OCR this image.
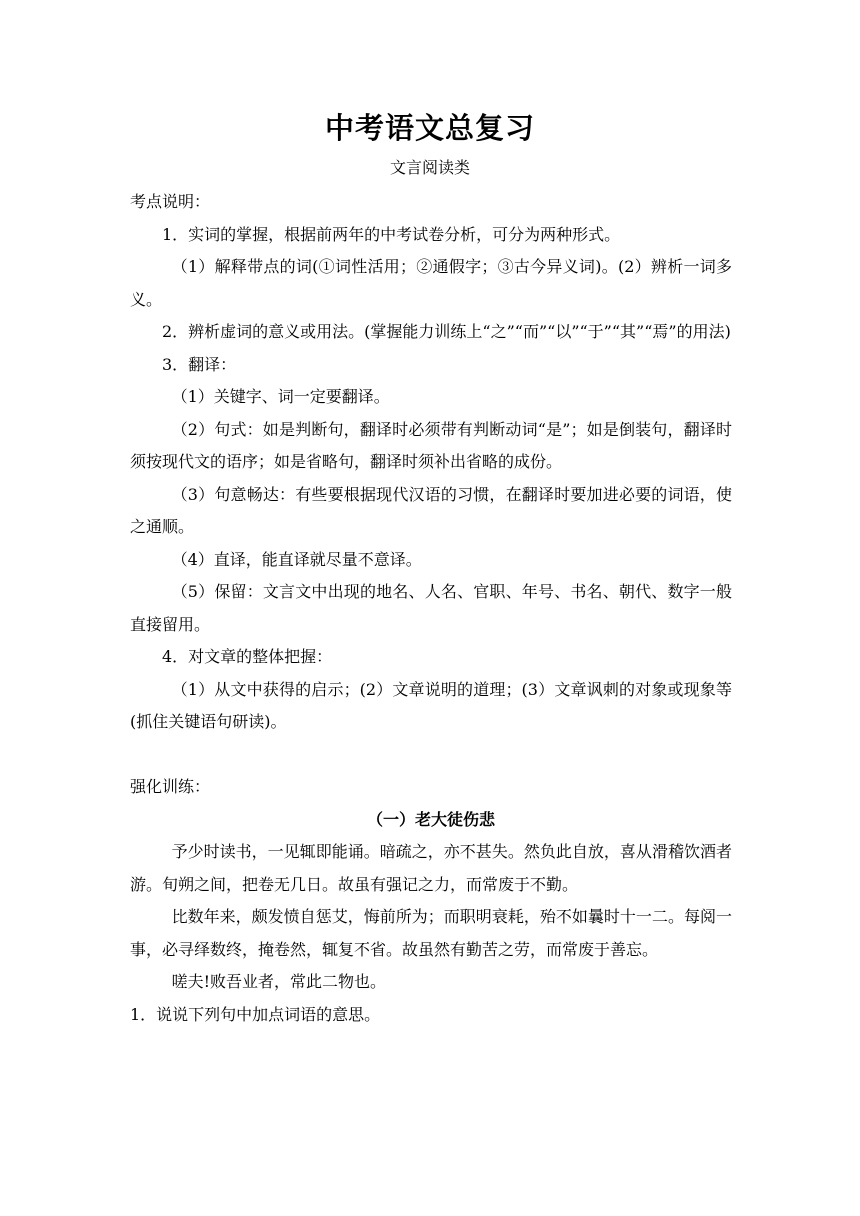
中考语文总复习
文言阅读类

考点说明：

1．实词的掌握，根据前两年的中考试卷分析，可分为两种形式。

（1）解释带点的词(①词性活用；②通假字；③古今异义词)。(2）辨析一词多义。

2．辨析虚词的意义或用法。(掌握能力训练上“之”“而”“以”“于”“其”“焉”的用法)

3．翻译：

（1）关键字、词一定要翻译。

（2）句式：如是判断句，翻译时必须带有判断动词“是”；如是倒装句，翻译时须按现代文的语序；如是省略句，翻译时须补出省略的成份。

（3）句意畅达：有些要根据现代汉语的习惯，在翻译时要加进必要的词语，使之通顺。

（4）直译，能直译就尽量不意译。

（5）保留：文言文中出现的地名、人名、官职、年号、书名、朝代、数字一般直接留用。

4．对文章的整体把握：

（1）从文中获得的启示；(2）文章说明的道理；(3）文章讽刺的对象或现象等(抓住关键语句研读)。

强化训练：

（一）老大徒伤悲

予少时读书，一见辄即能诵。暗疏之，亦不甚失。然负此自放，喜从滑稽饮酒者游。旬朔之间，把卷无几日。故虽有强记之力，而常废于不勤。

比数年来，颇发愤自惩艾，悔前所为；而职明衰耗，殆不如曩时十一二。每阅一事，必寻绎数终，掩卷然，辄复不省。故虽然有勤苦之劳，而常废于善忘。

嗟夫!败吾业者，常此二物也。

1．说说下列句中加点词语的意思。
